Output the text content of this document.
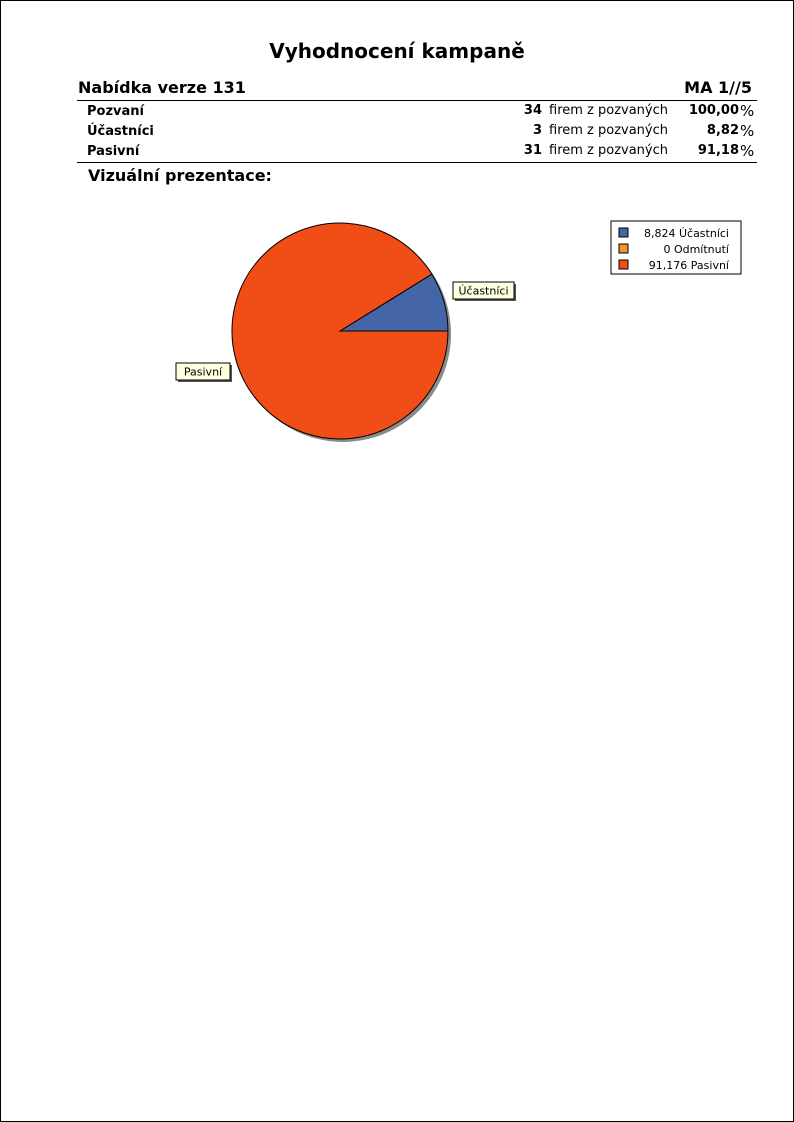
Vyhodnocení kampaně
Nabídka verze 131	MA 1//5
Pozvaní	34 firem z pozvaných	100,00 %
Účastníci	3 firem z pozvaných	8,82 %
Pasivní	31 firem z pozvaných	91,18 %
Vizuální prezentace:
Účastníci
Pasivní
8,824 Účastníci
0 Odmítnutí
91,176 Pasivní
